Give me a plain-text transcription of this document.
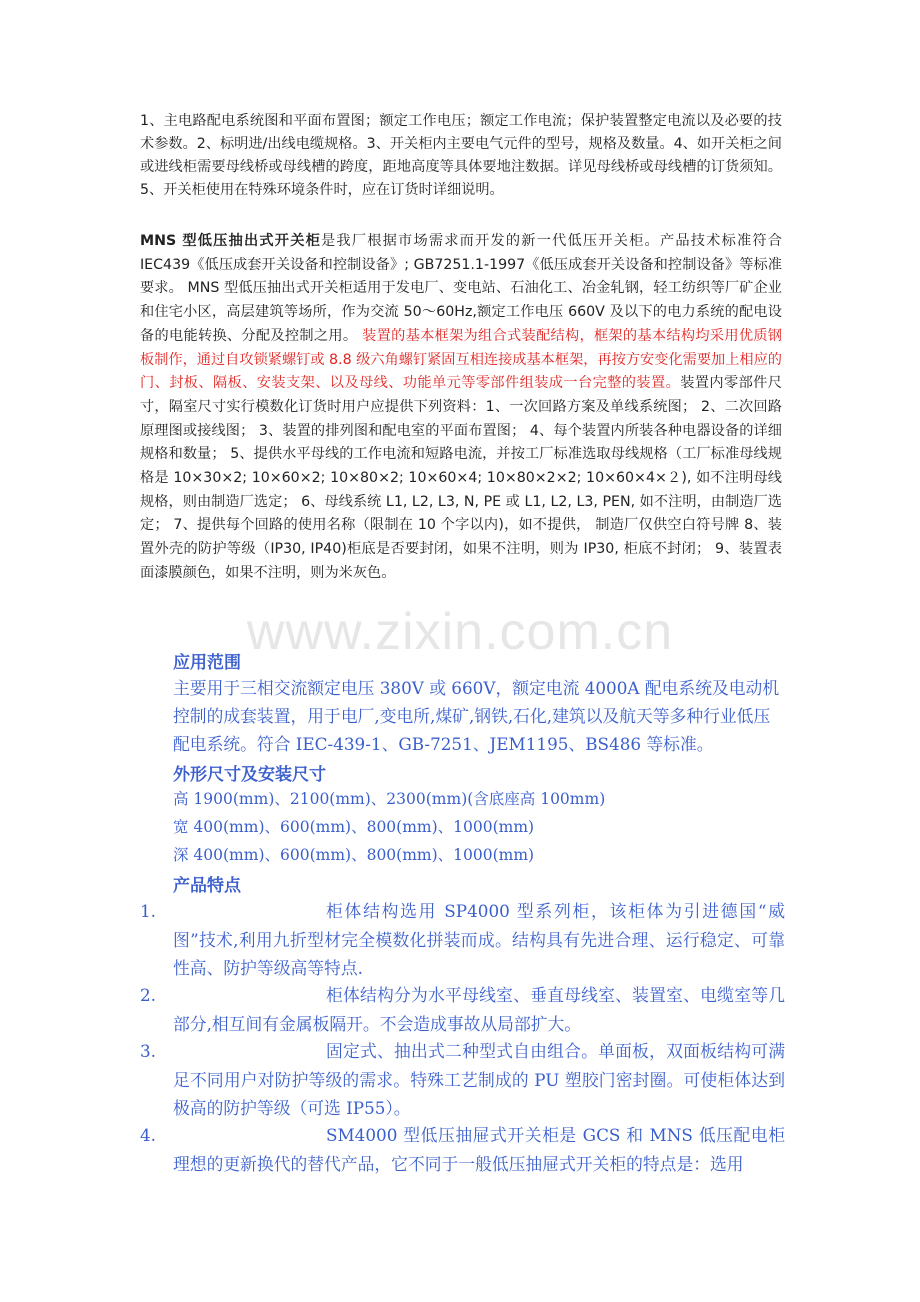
www.zixin.com.cn

1、主电路配电系统图和平面布置图；额定工作电压；额定工作电流；保护装置整定电流以及必要的技术参数。2、标明进/出线电缆规格。3、开关柜内主要电气元件的型号，规格及数量。4、如开关柜之间或进线柜需要母线桥或母线槽的跨度，距地高度等具体要地注数据。详见母线桥或母线槽的订货须知。5、开关柜使用在特殊环境条件时，应在订货时详细说明。

MNS 型低压抽出式开关柜是我厂根据市场需求而开发的新一代低压开关柜。产品技术标准符合 IEC439《低压成套开关设备和控制设备》; GB7251.1-1997《低压成套开关设备和控制设备》等标准要求。 MNS 型低压抽出式开关柜适用于发电厂、变电站、石油化工、冶金轧钢，轻工纺织等厂矿企业和住宅小区，高层建筑等场所，作为交流 50～60Hz,额定工作电压 660V 及以下的电力系统的配电设备的电能转换、分配及控制之用。 装置的基本框架为组合式装配结构，框架的基本结构均采用优质钢板制作，通过自攻锁紧螺钉或 8.8 级六角螺钉紧固互相连接成基本框架，再按方安变化需要加上相应的门、封板、隔板、安装支架、以及母线、功能单元等零部件组装成一台完整的装置。装置内零部件尺寸，隔室尺寸实行模数化订货时用户应提供下列资料：1、一次回路方案及单线系统图； 2、二次回路原理图或接线图； 3、装置的排列图和配电室的平面布置图； 4、每个装置内所装各种电器设备的详细规格和数量； 5、提供水平母线的工作电流和短路电流，并按工厂标准选取母线规格（工厂标准母线规格是 10×30×2; 10×60×2; 10×80×2; 10×60×4; 10×80×2×2; 10×60×4×２), 如不注明母线规格，则由制造厂选定； 6、母线系统 L1, L2, L3, N, PE 或 L1, L2, L3, PEN, 如不注明，由制造厂选定； 7、提供每个回路的使用名称（限制在 10 个字以内)，如不提供， 制造厂仅供空白符号牌 8、装置外壳的防护等级（IP30, IP40)柜底是否要封闭，如果不注明，则为 IP30, 柜底不封闭； 9、装置表面漆膜颜色，如果不注明，则为米灰色。

应用范围

主要用于三相交流额定电压 380V 或 660V，额定电流 4000A 配电系统及电动机控制的成套装置，用于电厂,变电所,煤矿,钢铁,石化,建筑以及航天等多种行业低压配电系统。符合 IEC-439-1、GB-7251、JEM1195、BS486 等标准。

外形尺寸及安装尺寸
高 1900(mm)、2100(mm)、2300(mm)(含底座高 100mm)
宽 400(mm)、600(mm)、800(mm)、1000(mm)
深 400(mm)、600(mm)、800(mm)、1000(mm)
产品特点
1.	柜体结构选用 SP4000 型系列柜，该柜体为引进德国“威图”技术,利用九折型材完全模数化拼装而成。结构具有先进合理、运行稳定、可靠性高、防护等级高等特点.
2.	柜体结构分为水平母线室、垂直母线室、装置室、电缆室等几部分,相互间有金属板隔开。不会造成事故从局部扩大。
3.	固定式、抽出式二种型式自由组合。单面板，双面板结构可满足不同用户对防护等级的需求。特殊工艺制成的 PU 塑胶门密封圈。可使柜体达到极高的防护等级（可选 IP55）。
4.	SM4000 型低压抽屉式开关柜是 GCS 和 MNS 低压配电柜理想的更新换代的替代产品，它不同于一般低压抽屉式开关柜的特点是：选用
